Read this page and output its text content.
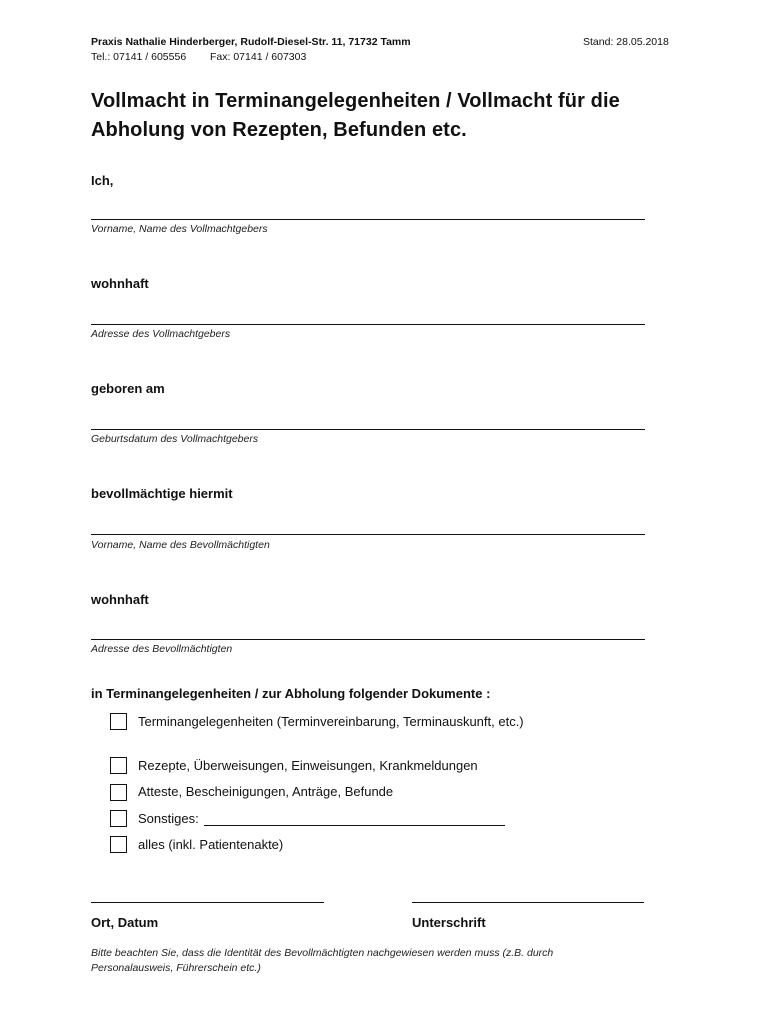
Praxis Nathalie Hinderberger, Rudolf-Diesel-Str. 11, 71732 Tamm	Stand: 28.05.2018
Tel.: 07141 / 605556 Fax: 07141 / 607303
Vollmacht in Terminangelegenheiten / Vollmacht für die
Abholung von Rezepten, Befunden etc.
Ich,
Vorname, Name des Vollmachtgebers
wohnhaft
Adresse des Vollmachtgebers
geboren am
Geburtsdatum des Vollmachtgebers
bevollmächtige hiermit
Vorname, Name des Bevollmächtigten
wohnhaft
Adresse des Bevollmächtigten
in Terminangelegenheiten / zur Abholung folgender Dokumente :
Terminangelegenheiten (Terminvereinbarung, Terminauskunft, etc.)
Rezepte, Überweisungen, Einweisungen, Krankmeldungen
Atteste, Bescheinigungen, Anträge, Befunde
Sonstiges:
alles (inkl. Patientenakte)
Ort, Datum	Unterschrift
Bitte beachten Sie, dass die Identität des Bevollmächtigten nachgewiesen werden muss (z.B. durch
Personalausweis, Führerschein etc.)
